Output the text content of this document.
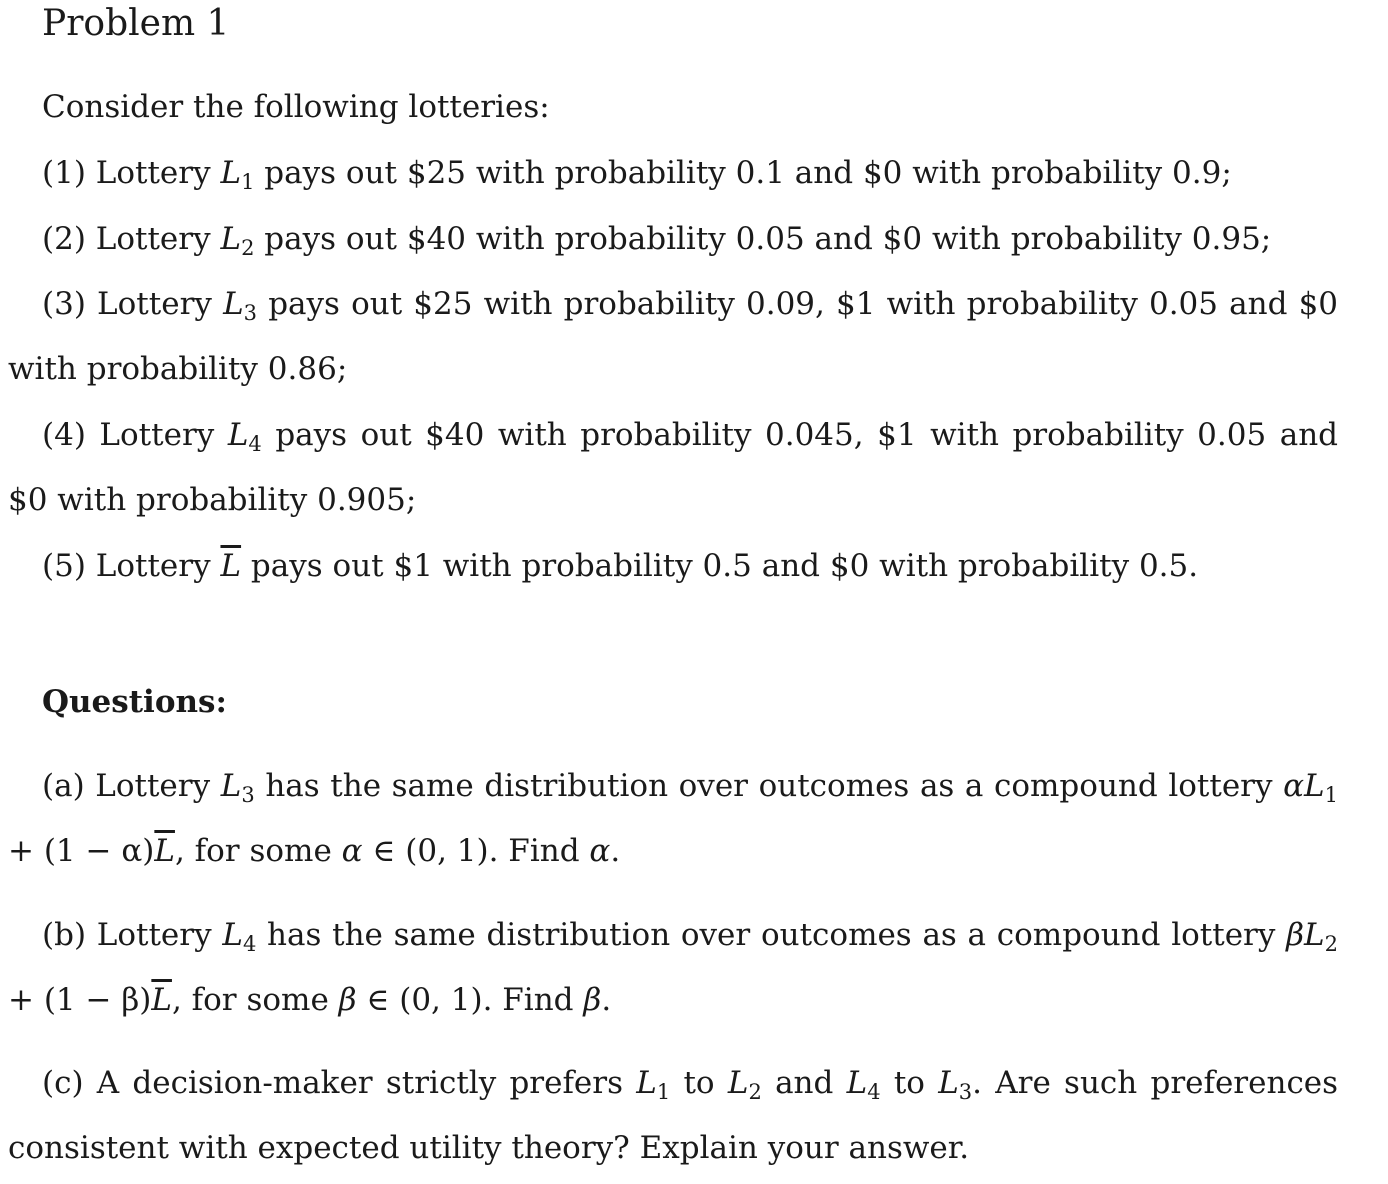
Problem 1

Consider the following lotteries:

(1) Lottery $L_1$ pays out $25 with probability 0.1 and $0 with probability 0.9;

(2) Lottery $L_2$ pays out $40 with probability 0.05 and $0 with probability 0.95;

(3) Lottery $L_3$ pays out $25 with probability 0.09, $1 with probability 0.05 and $0 with probability 0.86;

(4) Lottery $L_4$ pays out $40 with probability 0.045, $1 with probability 0.05 and $0 with probability 0.905;

(5) Lottery $\overline{L}$ pays out $1 with probability 0.5 and $0 with probability 0.5.

Questions:

(a) Lottery $L_3$ has the same distribution over outcomes as a compound lottery $\alpha L_1 + (1 - \alpha)\overline{L}$, for some α ∈ (0, 1). Find α.

(b) Lottery $L_4$ has the same distribution over outcomes as a compound lottery $\beta L_2 + (1 - \beta)\overline{L}$, for some β ∈ (0, 1). Find β.

(c) A decision-maker strictly prefers $L_1$ to $L_2$ and $L_4$ to $L_3$. Are such preferences consistent with expected utility theory? Explain your answer.
